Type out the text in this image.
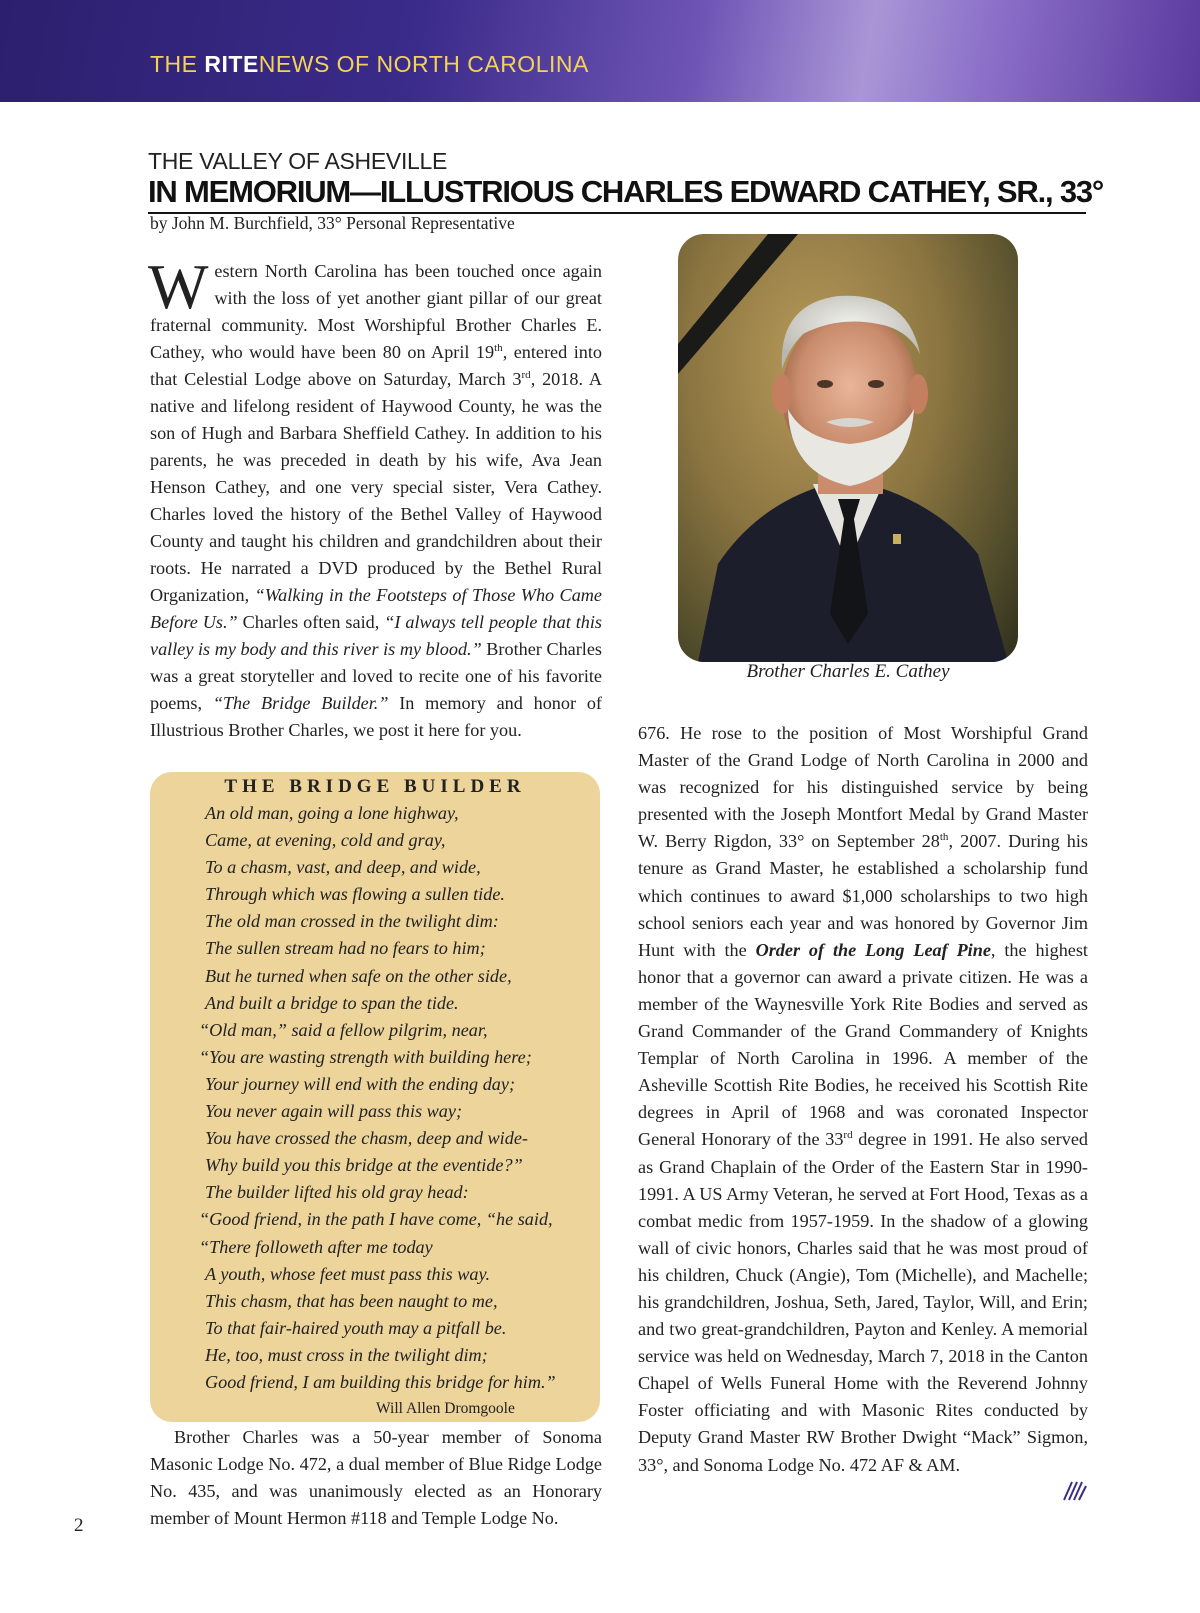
THE RITENEWS OF NORTH CAROLINA
THE VALLEY OF ASHEVILLE
IN MEMORIUM—ILLUSTRIOUS CHARLES EDWARD CATHEY, SR., 33°
by John M. Burchfield, 33° Personal Representative

Western North Carolina has been touched once again with the loss of yet another giant pillar of our great fraternal community. Most Worshipful Brother Charles E. Cathey, who would have been 80 on April 19th, entered into that Celestial Lodge above on Saturday, March 3rd, 2018. A native and lifelong resident of Haywood County, he was the son of Hugh and Barbara Sheffield Cathey. In addition to his parents, he was preceded in death by his wife, Ava Jean Henson Cathey, and one very special sister, Vera Cathey. Charles loved the history of the Bethel Valley of Haywood County and taught his children and grandchildren about their roots. He narrated a DVD produced by the Bethel Rural Organization, “Walking in the Footsteps of Those Who Came Before Us.” Charles often said, “I always tell people that this valley is my body and this river is my blood.” Brother Charles was a great storyteller and loved to recite one of his favorite poems, “The Bridge Builder.” In memory and honor of Illustrious Brother Charles, we post it here for you.

THE BRIDGE BUILDER
An old man, going a lone highway,
Came, at evening, cold and gray,
To a chasm, vast, and deep, and wide,
Through which was flowing a sullen tide.
The old man crossed in the twilight dim:
The sullen stream had no fears to him;
But he turned when safe on the other side,
And built a bridge to span the tide.
“Old man,” said a fellow pilgrim, near,
“You are wasting strength with building here;
Your journey will end with the ending day;
You never again will pass this way;
You have crossed the chasm, deep and wide-
Why build you this bridge at the eventide?”
The builder lifted his old gray head:
“Good friend, in the path I have come, “he said,
“There followeth after me today
A youth, whose feet must pass this way.
This chasm, that has been naught to me,
To that fair-haired youth may a pitfall be.
He, too, must cross in the twilight dim;
Good friend, I am building this bridge for him.”
Will Allen Dromgoole
Brother Charles was a 50-year member of Sonoma Masonic Lodge No. 472, a dual member of Blue Ridge Lodge No. 435, and was unanimously elected as an Honorary member of Mount Hermon #118 and Temple Lodge No.
Brother Charles E. Cathey

676. He rose to the position of Most Worshipful Grand Master of the Grand Lodge of North Carolina in 2000 and was recognized for his distinguished service by being presented with the Joseph Montfort Medal by Grand Master W. Berry Rigdon, 33° on September 28th, 2007. During his tenure as Grand Master, he established a scholarship fund which continues to award $1,000 scholarships to two high school seniors each year and was honored by Governor Jim Hunt with the Order of the Long Leaf Pine, the highest honor that a governor can award a private citizen. He was a member of the Waynesville York Rite Bodies and served as Grand Commander of the Grand Commandery of Knights Templar of North Carolina in 1996. A member of the Asheville Scottish Rite Bodies, he received his Scottish Rite degrees in April of 1968 and was coronated Inspector General Honorary of the 33rd degree in 1991. He also served as Grand Chaplain of the Order of the Eastern Star in 1990-1991. A US Army Veteran, he served at Fort Hood, Texas as a combat medic from 1957-1959. In the shadow of a glowing wall of civic honors, Charles said that he was most proud of his children, Chuck (Angie), Tom (Michelle), and Machelle; his grandchildren, Joshua, Seth, Jared, Taylor, Will, and Erin; and two great-grandchildren, Payton and Kenley. A memorial service was held on Wednesday, March 7, 2018 in the Canton Chapel of Wells Funeral Home with the Reverend Johnny Foster officiating and with Masonic Rites conducted by Deputy Grand Master RW Brother Dwight “Mack” Sigmon, 33°, and Sonoma Lodge No. 472 AF & AM.

2
